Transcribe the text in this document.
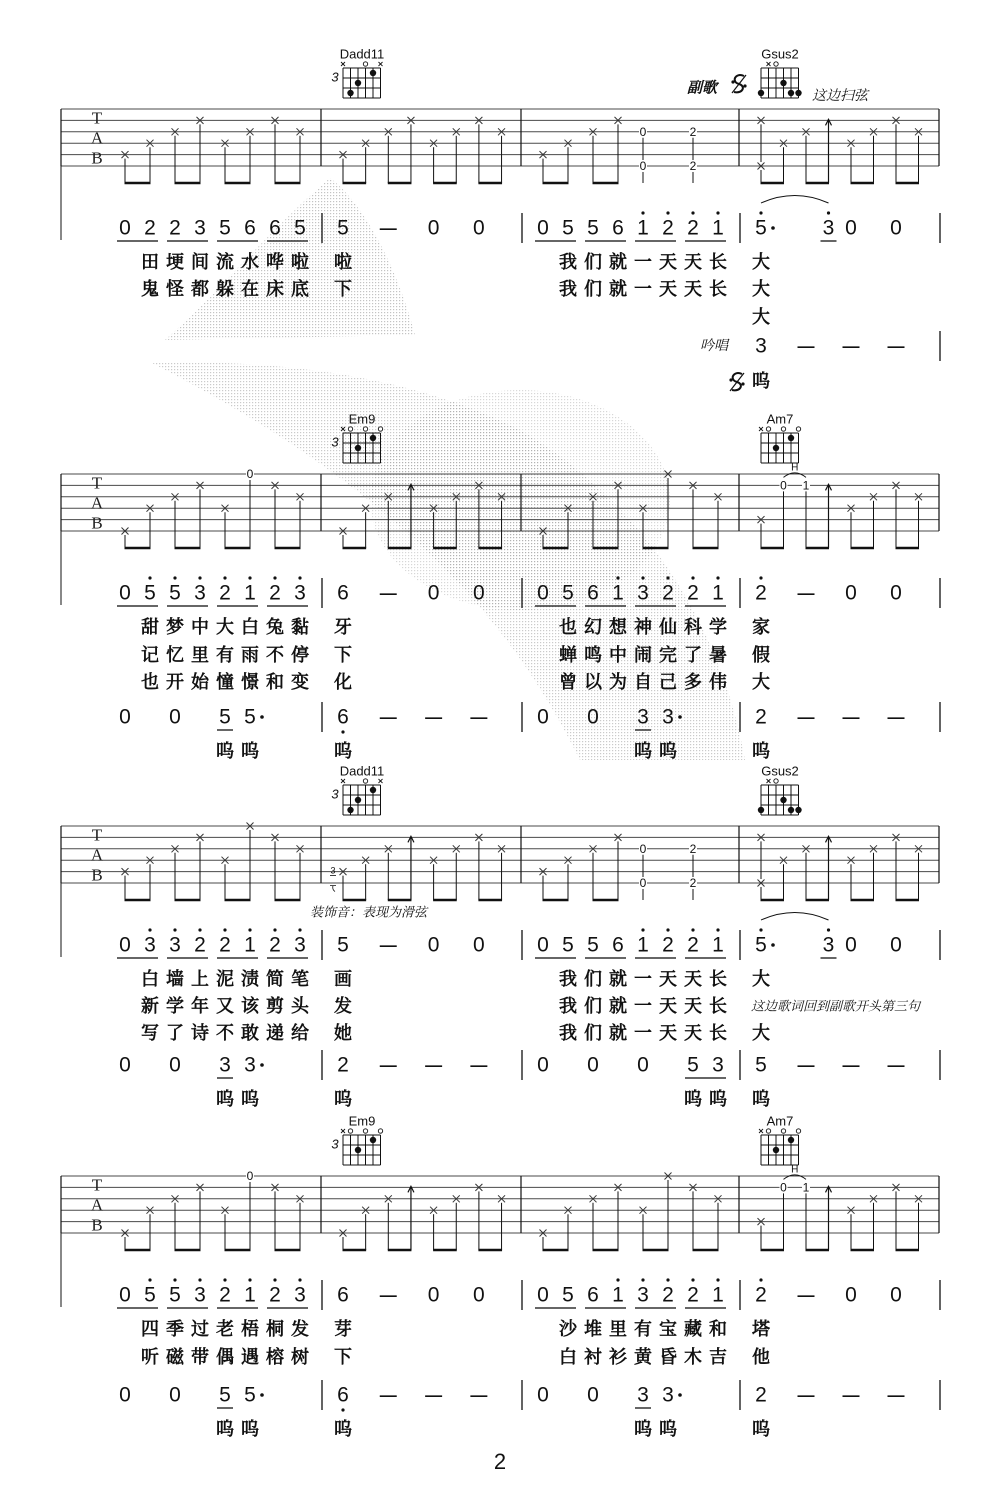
0
0
2
2
0
0 1
H
3
0
0
2
2
0
0 1
H
T
A
B
Dadd11
3
Gsus2
0 2 2 3 5 6 6 5 5 — 0 0 0 5 5 6 1 2 2 1 5	3 0 0
田 埂 间 流 水 哗 啦 啦	我 们 就 一 天 天 长 大
鬼 怪 都 躲 在 床 底 下	我 们 就 一 天 天 长 大
大
3 — — —
呜
副歌	这边扫弦
吟唱
T
A
B
Em9
3
Am7
0 5 5 3 2 1 2 3 6 — 0 0 0 5 6 1 3 2 2 1 2 — 0 0
甜 梦 中 大 白 兔 黏 牙	也 幻 想 神 仙 科 学 家
记 忆 里 有 雨 不 停 下	蝉 鸣 中 闹 完 了 暑 假
也 开 始 憧 憬 和 变 化	曾 以 为 自 己 多 伟 大
0 0 5 5	6 — — — 0 0 3 3	2 — — —
呜 呜	呜	呜 呜	呜
T
A
B
Dadd11
3
Gsus2
0 3 3 2 2 1 2 3 5 — 0 0 0 5 5 6 1 2 2 1 5	3 0 0
白 墙 上 泥 渍 简 笔 画	我 们 就 一 天 天 长 大
新 学 年 又 该 剪 头 发	我 们 就 一 天 天 长 这边歌词回到副歌开头第三句
写 了 诗 不 敢 递 给 她	我 们 就 一 天 天 长 大
0 0 3 3	2 — — — 0 0 0 5 3 5 — — —
呜 呜	呜	呜 呜 呜
装饰音：表现为滑弦
T
A
B
Em9
3
Am7
0 5 5 3 2 1 2 3 6 — 0 0 0 5 6 1 3 2 2 1 2 — 0 0
四 季 过 老 梧 桐 发 芽	沙 堆 里 有 宝 藏 和 塔
听 磁 带 偶 遇 榕 树 下	白 衬 衫 黄 昏 木 吉 他
0 0 5 5	6 — — — 0 0 3 3	2 — — —
呜 呜	呜	呜 呜	呜
2
